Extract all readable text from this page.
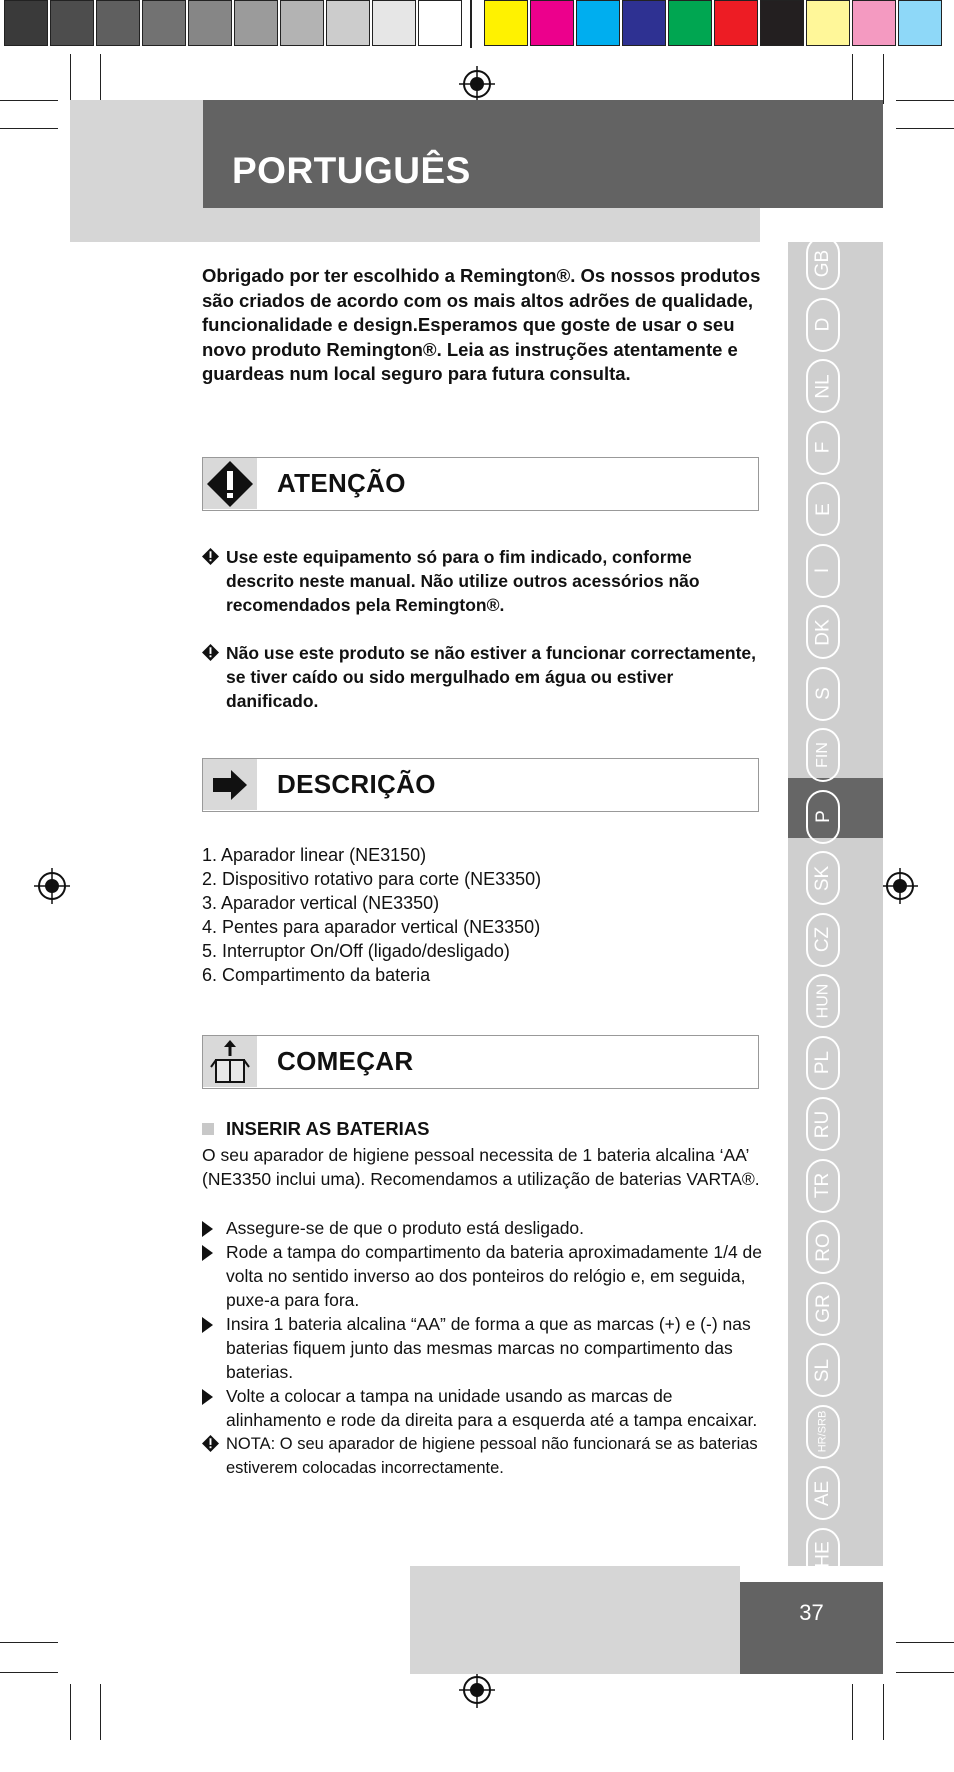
PORTUGUÊS
GB
D
NL
F
E
I
DK
S
FIN
P
SK
CZ
HUN
PL
RU
TR
RO
GR
SL
HR/SRB
AE
HE
Obrigado por ter escolhido a Remington®. Os nossos produtos são criados de acordo com os mais altos adrões de qualidade, funcionalidade e design.Esperamos que goste de usar o seu novo produto Remington®. Leia as instruções atentamente e guardeas num local seguro para futura consulta.
ATENÇÃO
Use este equipamento só para o fim indicado, conforme descrito neste manual. Não utilize outros acessórios não recomendados pela Remington®.
Não use este produto se não estiver a funcionar correctamente, se tiver caído ou sido mergulhado em água ou estiver danificado.
DESCRIÇÃO
1. Aparador linear (NE3150)
2. Dispositivo rotativo para corte (NE3350)
3. Aparador vertical (NE3350)
4. Pentes para aparador vertical (NE3350)
5. Interruptor On/Off (ligado/desligado)
6. Compartimento da bateria
COMEÇAR
INSERIR AS BATERIAS
O seu aparador de higiene pessoal necessita de 1 bateria alcalina ‘AA’ (NE3350 inclui uma). Recomendamos a utilização de baterias VARTA®.
Assegure-se de que o produto está desligado.
Rode a tampa do compartimento da bateria aproximadamente 1/4 de volta no sentido inverso ao dos ponteiros do relógio e, em seguida, puxe-a para fora.
Insira 1 bateria alcalina “AA” de forma a que as marcas (+) e (-) nas baterias fiquem junto das mesmas marcas no compartimento das baterias.
Volte a colocar a tampa na unidade usando as marcas de alinhamento e rode da direita para a esquerda até a tampa encaixar.
NOTA: O seu aparador de higiene pessoal não funcionará se as baterias estiverem colocadas incorrectamente.
37
